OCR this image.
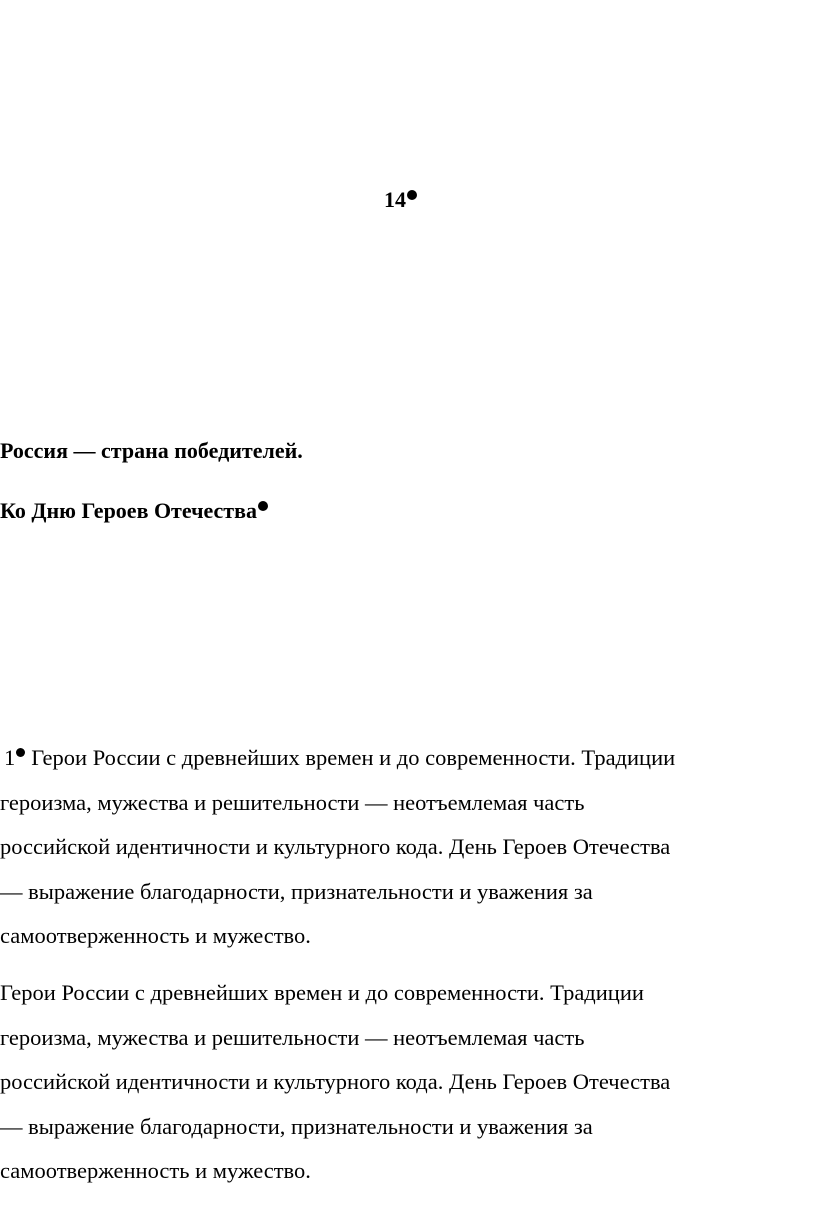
14
Россия — страна победителей.
Ко Дню Героев Отечества

1 Герои России с древнейших времен и до современности. Традиции
героизма, мужества и решительности — неотъемлемая часть
российской идентичности и культурного кода. День Героев Отечества
— выражение благодарности, признательности и уважения за
самоотверженность и мужество.

Герои России с древнейших времен и до современности. Традиции
героизма, мужества и решительности — неотъемлемая часть
российской идентичности и культурного кода. День Героев Отечества
— выражение благодарности, признательности и уважения за
самоотверженность и мужество.
